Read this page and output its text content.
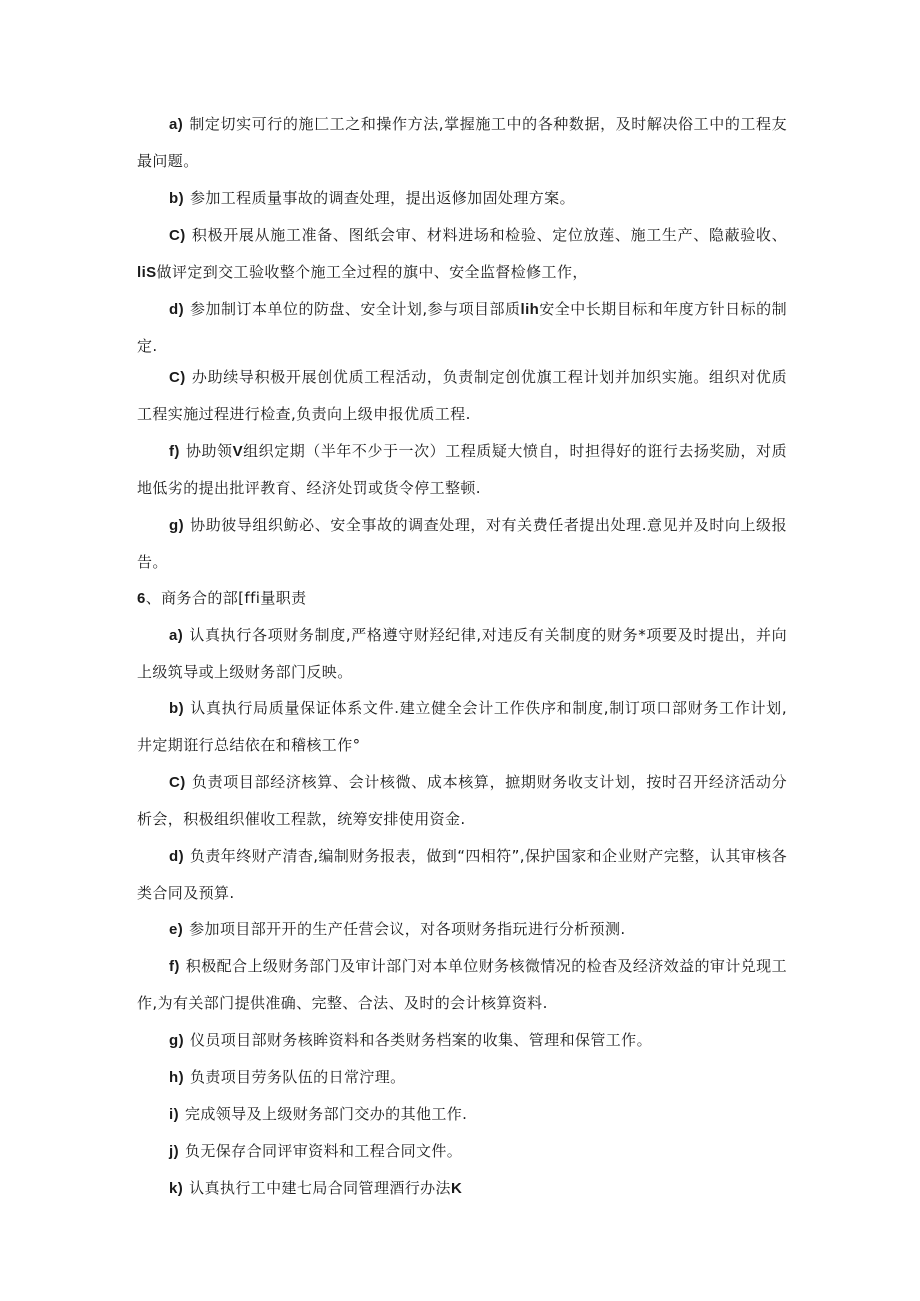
a) 制定切实可行的施匚工之和操作方法,掌握施工中的各种数据，及时解决俗工中的工程友最问题。

b) 参加工程质量事故的调查处理，提出返修加固处理方案。

C) 积极开展从施工准备、图纸会审、材料进场和检验、定位放莲、施工生产、隐蔽验收、liS做评定到交工验收整个施工全过程的旗中、安全监督检修工作，

d) 参加制订本单位的防盘、安全计划,参与项目部质lih安全中长期目标和年度方针日标的制定.

C) 办助续导积极开展创优质工程活动，负责制定创优旗工程计划并加织实施。组织对优质工程实施过程进行检查,负责向上级申报优质工程.

f) 协助领V组织定期（半年不少于一次）工程质疑大愤自，时担得好的诳行去扬奖励，对质地低劣的提出批评教育、经济处罚或货令停工整顿.

g) 协助彼导组织鲂必、安全事故的调查处理，对有关费任者提出处理.意见并及时向上级报告。

6、商务合的部[ffi量职责

a) 认真执行各项财务制度,严格遵守财羟纪律,对违反有关制度的财务*项要及时提出，并向上级筑导或上级财务部门反映。

b) 认真执行局质量保证体系文件.建立健全会计工作佚序和制度,制订项口部财务工作计划,井定期诳行总结依在和稽核工作°

C) 负责项目部经济核算、会计核微、成本核算，摭期财务收支计划，按时召开经济活动分析会，积极组织催收工程款，统筹安排使用资金.

d) 负责年终财产清杳,编制财务报表，做到“四相符”,保护国家和企业财产完整，认其审核各类合同及预算.

e) 参加项目部开开的生产任营会议，对各项财务指玩进行分析预测.

f) 积极配合上级财务部门及审计部门对本单位财务核微情况的检杳及经济效益的审计兑现工作,为有关部门提供准确、完整、合法、及时的会计核算资料.

g) 仪员项目部财务核眸资料和各类财务档案的收集、管理和保管工作。

h) 负责项目劳务队伍的日常泞理。

i) 完成领导及上级财务部门交办的其他工作.

j) 负无保存合同评审资料和工程合同文件。

k) 认真执行工中建七局合同管理酒行办法K
